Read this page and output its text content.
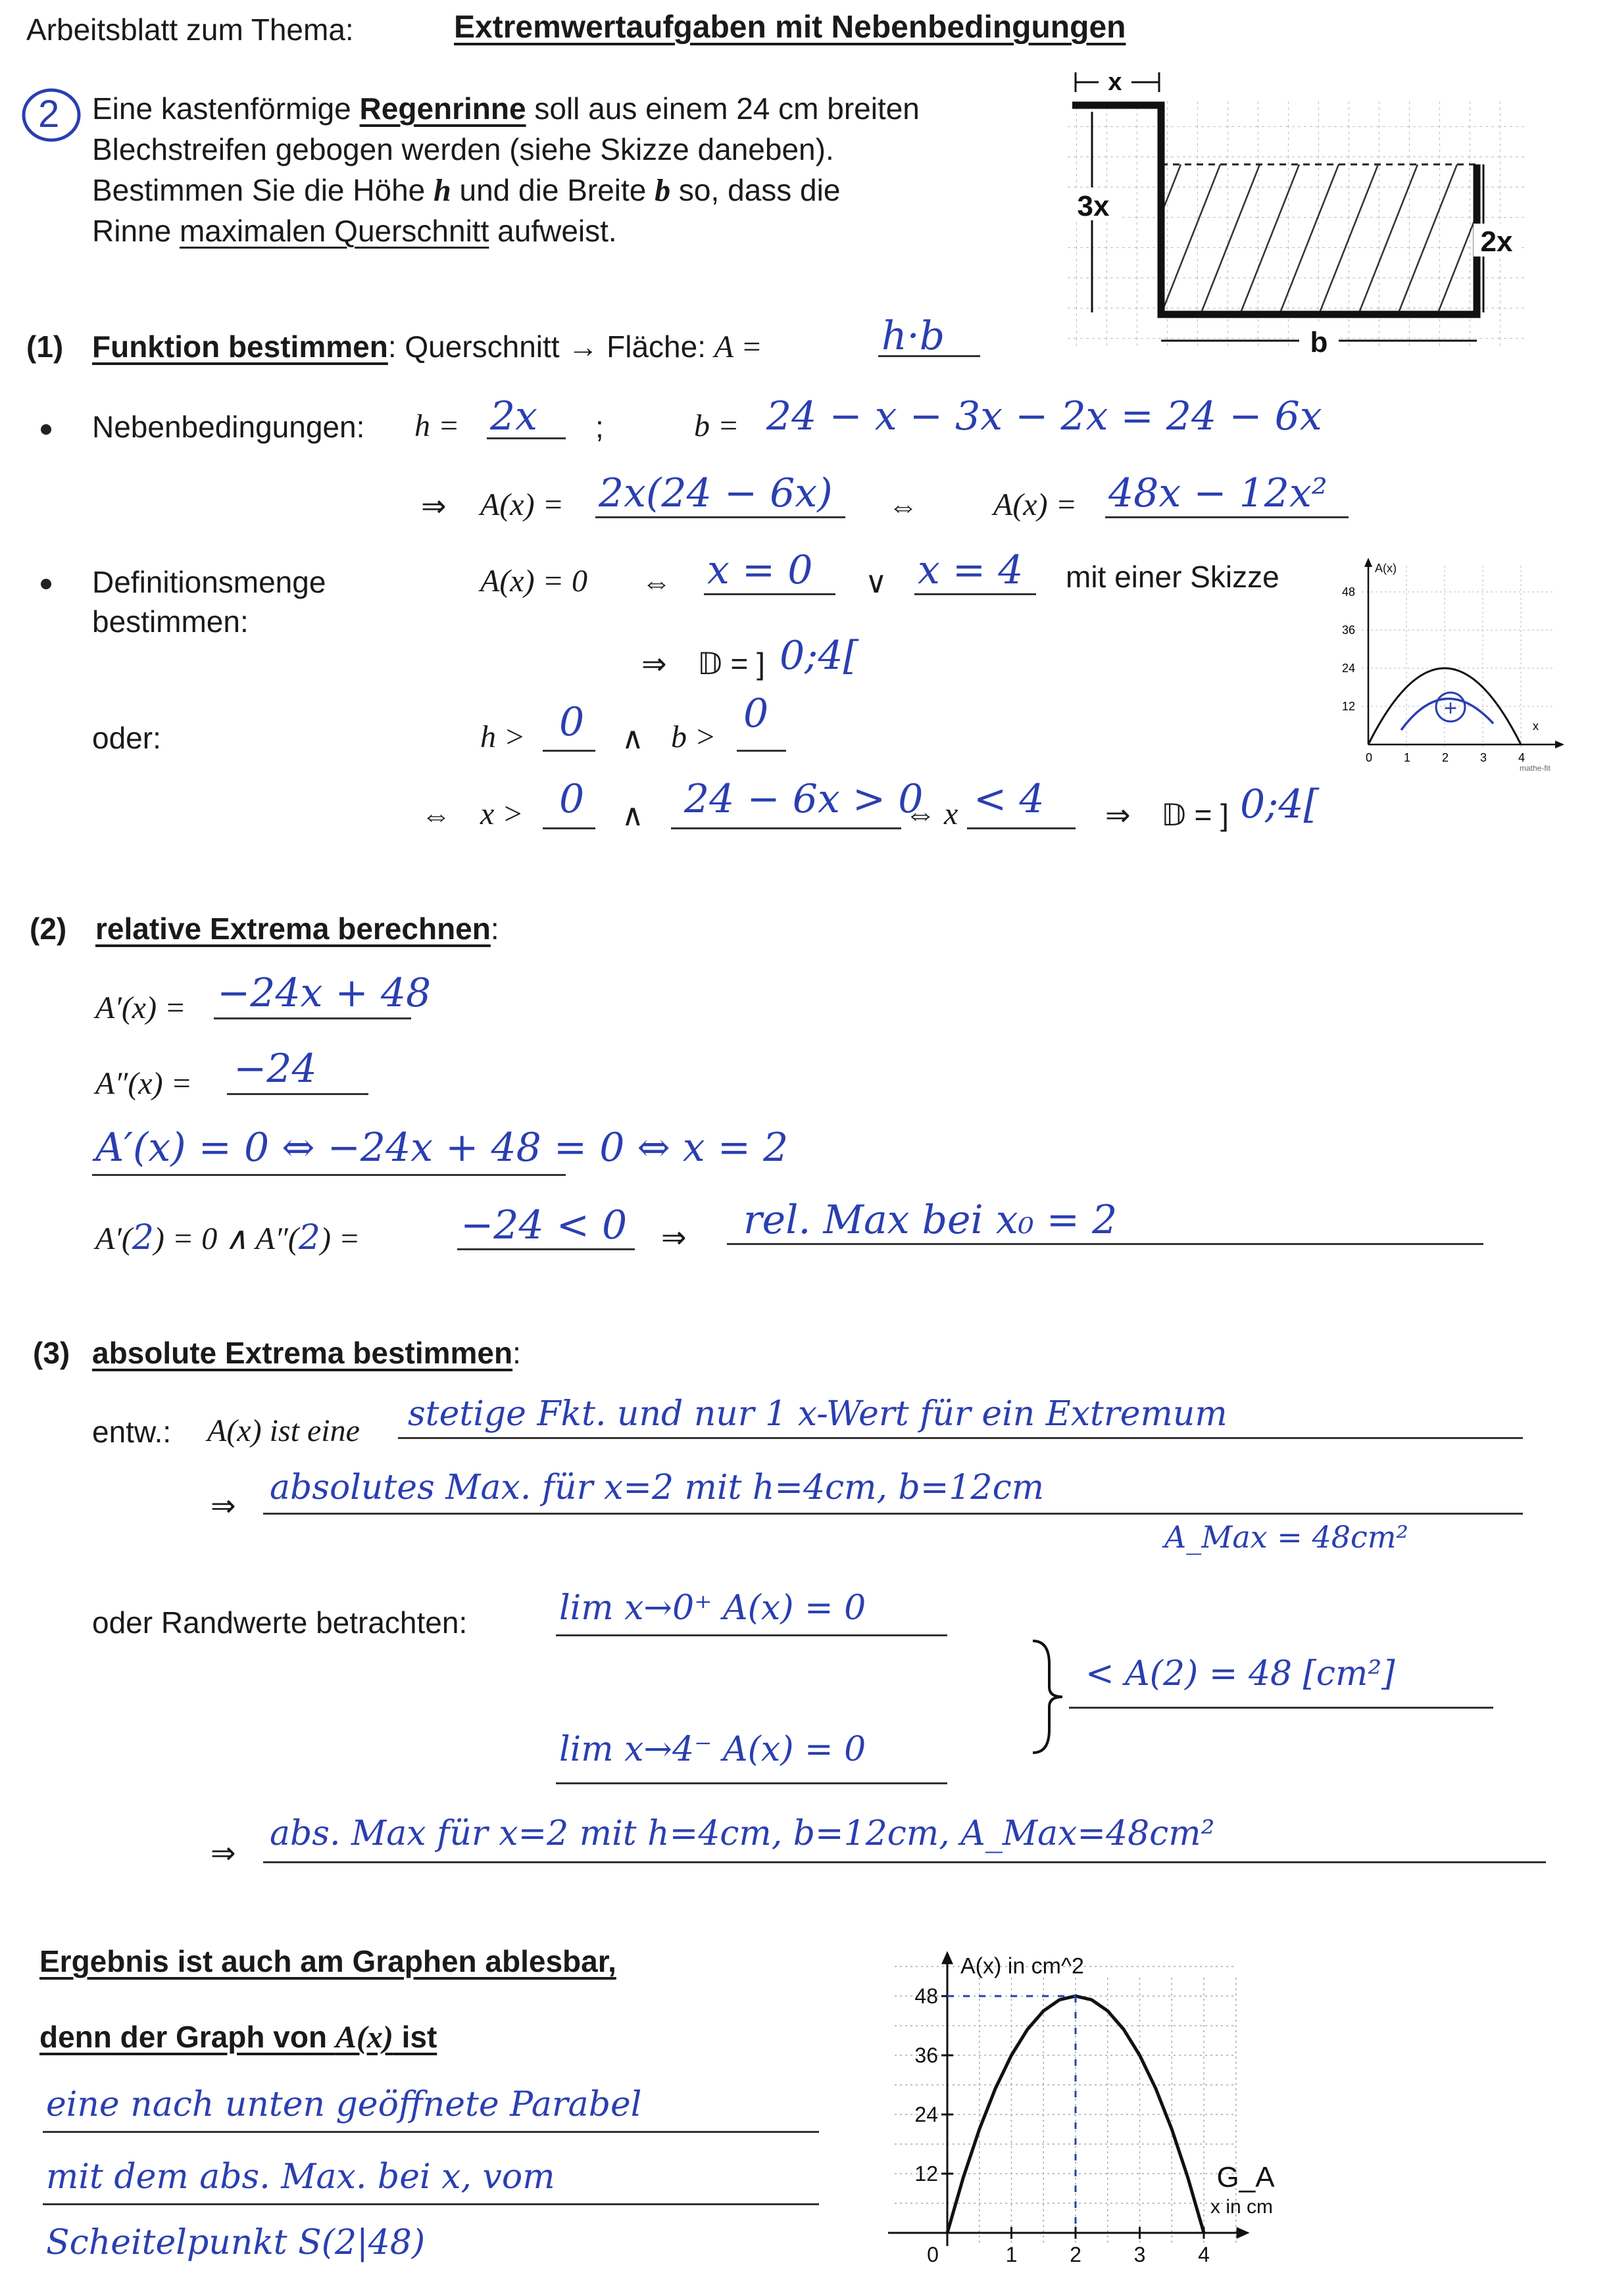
Arbeitsblatt zum Thema:	Extremwertaufgaben mit Nebenbedingungen
2 Eine kastenförmige Regenrinne soll aus einem 24 cm breiten
Blechstreifen gebogen werden (siehe Skizze daneben).
Bestimmen Sie die Höhe h und die Breite b so, dass die
Rinne maximalen Querschnitt aufweist.
x
3x
2x
b
(1) Funktion bestimmen: Querschnitt → Fläche: A =	h·b
Nebenbedingungen: h = 2x ;	b = 24 − x − 3x − 2x = 24 − 6x
⇒ A(x) = 2x(24 − 6x) ⇔ A(x) = 48x − 12x²
Definitionsmenge
bestimmen:
A(x) = 0 ⇔ x = 0 ∨ x = 4 mit einer Skizze
⇒ 𝔻 = ] 0;4[
oder:	h > 0 ∧ b >
0
⇔ x > 0 ∧ 24 − 6x > 0
⇔ x < 4 ⇒ 𝔻 = ] 0;4[
A(x)
48
36
24
12
0	1	2	3	4
x
mathe-fit
+
(2) relative Extrema berechnen:
A′(x) = −24x + 48
A″(x) = −24
A′(x) = 0 ⇔ −24x + 48 = 0 ⇔ x = 2
A′(2) = 0 ∧ A″(2) =	−24 < 0 ⇒ rel. Max bei x₀ = 2
(3) absolute Extrema bestimmen:
entw.: A(x) ist eine stetige Fkt. und nur 1 x-Wert für ein Extremum
⇒ absolutes Max. für x=2 mit h=4cm, b=12cm
A_Max = 48cm²
oder Randwerte betrachten:	lim x→0⁺ A(x) = 0
lim x→4⁻ A(x) = 0
< A(2) = 48 [cm²]
⇒ abs. Max für x=2 mit h=4cm, b=12cm, A_Max=48cm²
Ergebnis ist auch am Graphen ablesbar,
denn der Graph von A(x) ist
eine nach unten geöffnete Parabel
mit dem abs. Max. bei x, vom
Scheitelpunkt S(2|48)	0	1 2 3 4
12
24
36
48
A(x) in cm^2
x in cm
G_A
